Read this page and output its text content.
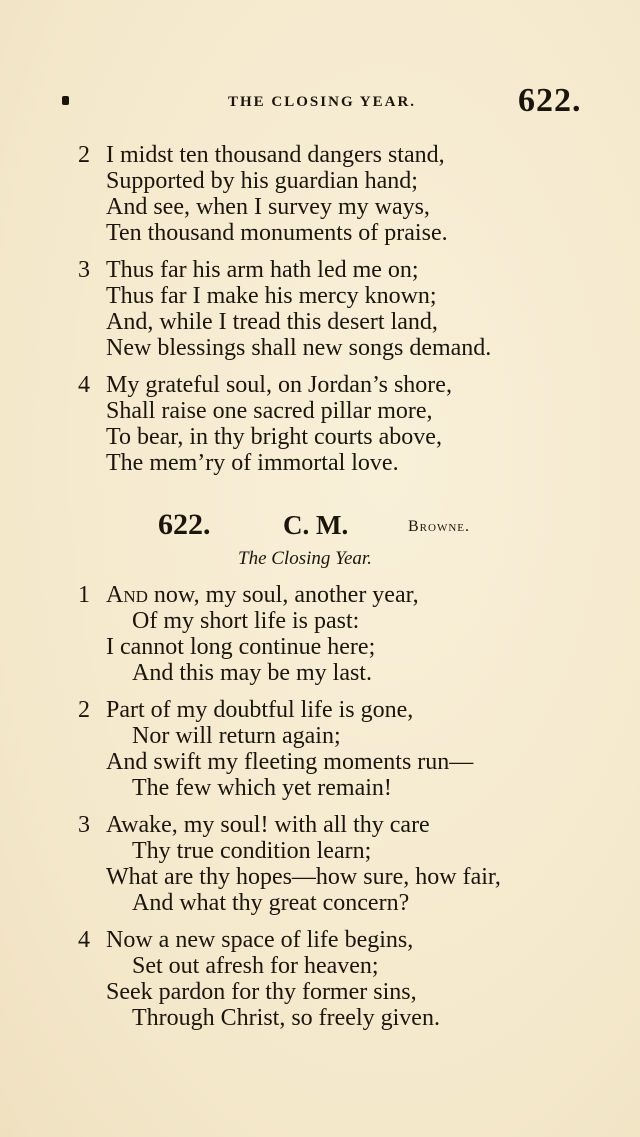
THE CLOSING YEAR.	622.
2 I midst ten thousand dangers stand,
Supported by his guardian hand;
And see, when I survey my ways,
Ten thousand monuments of praise.
3 Thus far his arm hath led me on;
Thus far I make his mercy known;
And, while I tread this desert land,
New blessings shall new songs demand.
4 My grateful soul, on Jordan’s shore,
Shall raise one sacred pillar more,
To bear, in thy bright courts above,
The mem’ry of immortal love.
622.	C. M.	Browne.
The Closing Year.
1 And now, my soul, another year,
Of my short life is past:
I cannot long continue here;
And this may be my last.
2 Part of my doubtful life is gone,
Nor will return again;
And swift my fleeting moments run—
The few which yet remain!
3 Awake, my soul! with all thy care
Thy true condition learn;
What are thy hopes—how sure, how fair,
And what thy great concern?
4 Now a new space of life begins,
Set out afresh for heaven;
Seek pardon for thy former sins,
Through Christ, so freely given.
